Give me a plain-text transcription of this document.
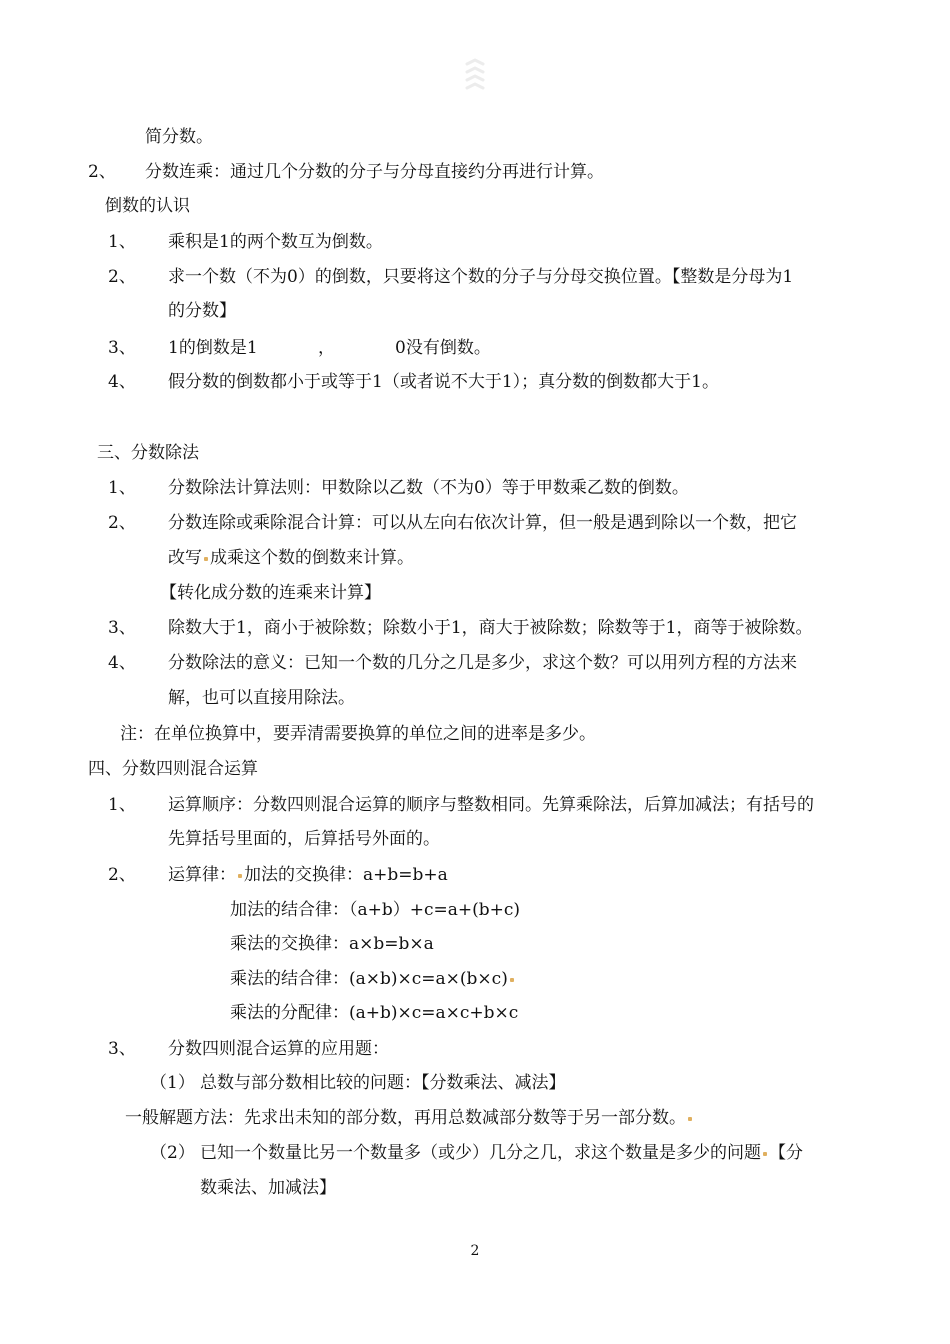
简分数。
2、 分数连乘：通过几个分数的分子与分母直接约分再进行计算。
倒数的认识
1、 乘积是1的两个数互为倒数。
2、 求一个数（不为0）的倒数，只要将这个数的分子与分母交换位置。【整数是分母为1
的分数】
3、 1的倒数是1	，	0没有倒数。
4、 假分数的倒数都小于或等于1（或者说不大于1）；真分数的倒数都大于1。
三、分数除法
1、 分数除法计算法则：甲数除以乙数（不为0）等于甲数乘乙数的倒数。
2、 分数连除或乘除混合计算：可以从左向右依次计算，但一般是遇到除以一个数，把它
改写 成乘这个数的倒数来计算。
【转化成分数的连乘来计算】
3、 除数大于1，商小于被除数；除数小于1，商大于被除数；除数等于1，商等于被除数。
4、 分数除法的意义：已知一个数的几分之几是多少，求这个数？可以用列方程的方法来
解，也可以直接用除法。
注：在单位换算中，要弄清需要换算的单位之间的进率是多少。
四、分数四则混合运算
1、 运算顺序：分数四则混合运算的顺序与整数相同。先算乘除法，后算加减法；有括号的
先算括号里面的，后算括号外面的。
2、 运算律： 加法的交换律：a+b=b+a
加法的结合律：（a+b）+c=a+(b+c)
乘法的交换律：a×b=b×a
乘法的结合律：(a×b)×c=a×(b×c)
乘法的分配律：(a+b)×c=a×c+b×c
3、 分数四则混合运算的应用题：
（1） 总数与部分数相比较的问题：【分数乘法、减法】
一般解题方法：先求出未知的部分数，再用总数减部分数等于另一部分数。
（2） 已知一个数量比另一个数量多（或少）几分之几，求这个数量是多少的问题 【分
数乘法、加减法】
2
